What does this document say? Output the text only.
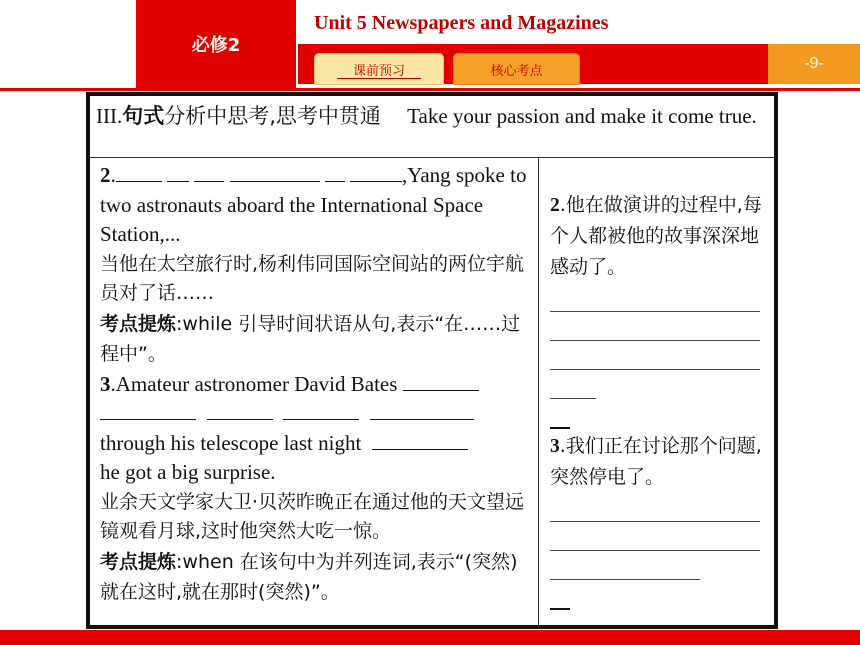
必修2
Unit 5 Newspapers and Magazines
课前预习	核心考点	-9-
III.句式分析中思考,思考中贯通 Take your passion and make it come true.
2.	,Yang spoke to two astronauts aboard the International Space Station,...
当他在太空旅行时,杨利伟同国际空间站的两位宇航员对了话……
考点提炼:while 引导时间状语从句,表示“在……过程中”。
3.Amateur astronomer David Bates

through his telescope last night
he got a big surprise.
业余天文学家大卫·贝茨昨晚正在通过他的天文望远镜观看月球,这时他突然大吃一惊。
考点提炼:when 在该句中为并列连词,表示“(突然)就在这时,就在那时(突然)”。
2.他在做演讲的过程中,每个人都被他的故事深深地感动了。
3.我们正在讨论那个问题,突然停电了。
